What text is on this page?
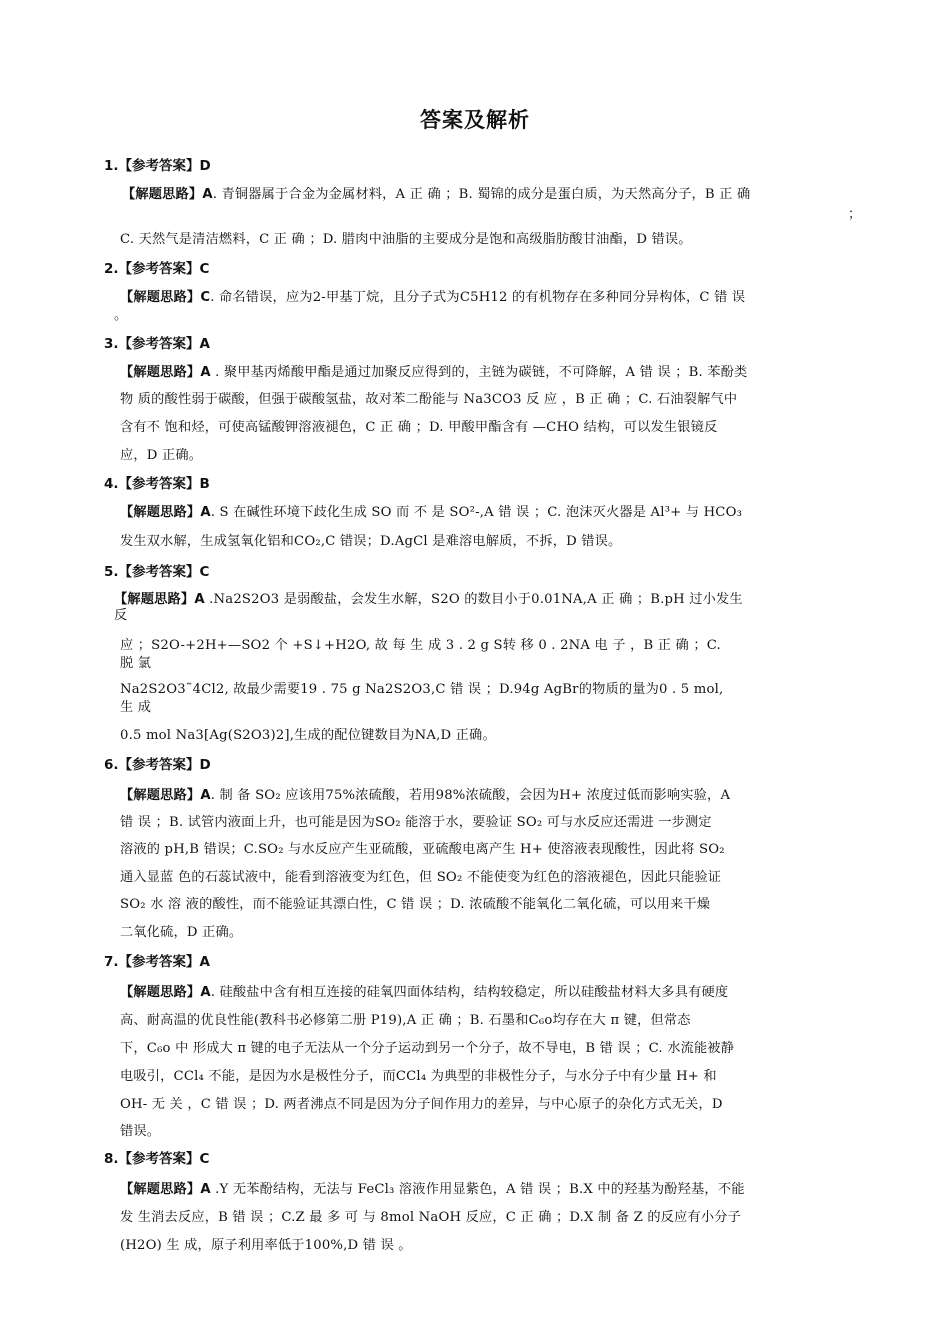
答案及解析
1.【参考答案】D
【解题思路】A. 青铜器属于合金为金属材料，A 正 确 ；B. 蜀锦的成分是蛋白质，为天然高分子，B 正 确
；
C. 天然气是清洁燃料，C 正 确 ；D. 腊肉中油脂的主要成分是饱和高级脂肪酸甘油酯，D 错误。
2.【参考答案】C
【解题思路】C. 命名错误，应为2-甲基丁烷，且分子式为C5H12 的有机物存在多种同分异构体，C 错 误
。
3.【参考答案】A
【解题思路】A . 聚甲基丙烯酸甲酯是通过加聚反应得到的，主链为碳链，不可降解，A 错 误 ；B. 苯酚类
物 质的酸性弱于碳酸，但强于碳酸氢盐，故对苯二酚能与 Na3CO3 反 应 ，B 正 确 ；C. 石油裂解气中
含有不 饱和烃，可使高锰酸钾溶液褪色，C 正 确 ；D. 甲酸甲酯含有 —CHO 结构，可以发生银镜反
应，D 正确。
4.【参考答案】B
【解题思路】A. S 在碱性环境下歧化生成 SO 而 不 是 SO²-,A 错 误 ；C. 泡沫灭火器是 Al³+ 与 HCO₃
发生双水解，生成氢氧化铝和CO₂,C 错误；D.AgCl 是难溶电解质，不拆，D 错误。
5.【参考答案】C
【解题思路】A .Na2S2O3 是弱酸盐，会发生水解，S2O 的数目小于0.01NA,A 正 确 ；B.pH 过小发生
反
应 ；S2O-+2H+—SO2 个 +S↓+H2O, 故 每 生 成 3 . 2 g S转 移 0 . 2NA 电 子 ，B 正 确 ；C.
脱 氯
Na2S2O3˜4Cl2, 故最少需要19 . 75 g Na2S2O3,C 错 误 ；D.94g AgBr的物质的量为0 . 5 mol,
生 成
0.5 mol Na3[Ag(S2O3)2],生成的配位键数目为NA,D 正确。
6.【参考答案】D
【解题思路】A. 制 备 SO₂ 应该用75%浓硫酸，若用98%浓硫酸，会因为H+ 浓度过低而影响实验，A
错 误 ；B. 试管内液面上升，也可能是因为SO₂ 能溶于水，要验证 SO₂ 可与水反应还需进 一步测定
溶液的 pH,B 错误；C.SO₂ 与水反应产生亚硫酸，亚硫酸电离产生 H+ 使溶液表现酸性，因此将 SO₂
通入显蓝 色的石蕊试液中，能看到溶液变为红色，但 SO₂ 不能使变为红色的溶液褪色，因此只能验证
SO₂ 水 溶 液的酸性，而不能验证其漂白性，C 错 误 ；D. 浓硫酸不能氧化二氧化硫，可以用来干燥
二氧化硫，D 正确。
7.【参考答案】A
【解题思路】A. 硅酸盐中含有相互连接的硅氧四面体结构，结构较稳定，所以硅酸盐材料大多具有硬度
高、耐高温的优良性能(教科书必修第二册 P19),A 正 确 ；B. 石墨和C₆o均存在大 π 键，但常态
下，C₆o 中 形成大 π 键的电子无法从一个分子运动到另一个分子，故不导电，B 错 误 ；C. 水流能被静
电吸引，CCl₄ 不能，是因为水是极性分子，而CCl₄ 为典型的非极性分子，与水分子中有少量 H+ 和
OH- 无 关 ，C 错 误 ；D. 两者沸点不同是因为分子间作用力的差异，与中心原子的杂化方式无关，D
错误。
8.【参考答案】C
【解题思路】A .Y 无苯酚结构，无法与 FeCl₃ 溶液作用显紫色，A 错 误 ；B.X 中的羟基为酚羟基，不能
发 生消去反应，B 错 误 ；C.Z 最 多 可 与 8mol NaOH 反应，C 正 确 ；D.X 制 备 Z 的反应有小分子
(H2O) 生 成，原子利用率低于100%,D 错 误 。
